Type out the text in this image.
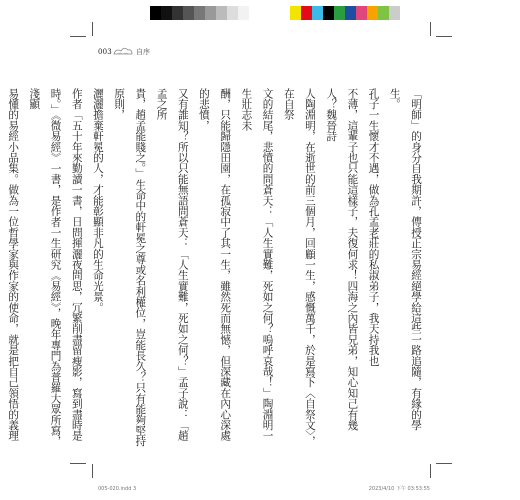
003	自序

「明師」的身分自我期許，傳授正宗易經絕學給這些一路追隨，有緣的學生。

孔子一生懷才不遇，做為孔孟老莊的私淑弟子，我天持我也

不薄，這輩子也只能這樣子，夫復何求！四海之內皆兄弟，知心知己有幾人？魏晉詩

人陶淵明，在逝世的前三個月，回顧一生，感慨萬千，於是寫下〈自祭文〉，在自祭

文的結尾，悲憤的問蒼天：「人生實難，死如之何？嗚呼哀哉！」陶淵明一生壯志未

酬，只能歸隱田園，在孤寂中了其一生，雖然死而無憾，但深藏在內心深處的悲憤，

又有誰知？所以只能無語問蒼天：「人生實難，死如之何？」孟子說：「趙孟之所

貴，趙孟能賤之。」生命中的軒冕之尊或名利權位，豈能長久？只有能夠堅持原則，

灑灑擔棄軒冕的人，才能彰顯非凡的生命光景。

作者「五十年來勤讀一書，日問揮灑夜問思，冗繁削盡留瘦影，寫到盡時是

時。」《微易經》一書，是作者一生研究《易經》，晚年專門為普羅大眾所寫，淺顯

易懂的易經小品集。做為一位哲學家與作家的使命，就是把自己領悟的義理

005-020.indd 3	2023/4/10 下午 03:53:55
